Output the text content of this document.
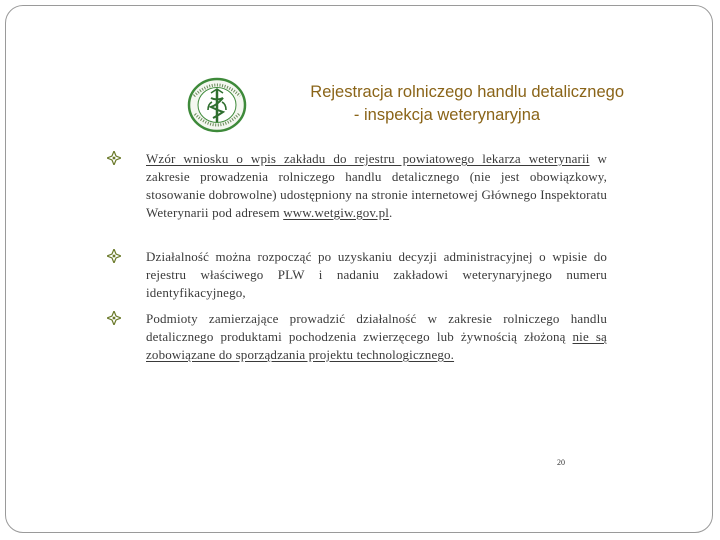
Rejestracja rolniczego handlu detalicznego
- inspekcja weterynaryjna
Wzór wniosku o wpis zakładu do rejestru powiatowego lekarza weterynarii w zakresie prowadzenia rolniczego handlu detalicznego (nie jest obowiązkowy, stosowanie dobrowolne) udostępniony na stronie internetowej Głównego Inspektoratu Weterynarii pod adresem www.wetgiw.gov.pl.
Działalność można rozpocząć po uzyskaniu decyzji administracyjnej o wpisie do rejestru właściwego PLW i nadaniu zakładowi weterynaryjnego numeru identyfikacyjnego,
Podmioty zamierzające prowadzić działalność w zakresie rolniczego handlu detalicznego produktami pochodzenia zwierzęcego lub żywnością złożoną nie są zobowiązane do sporządzania projektu technologicznego.
20
